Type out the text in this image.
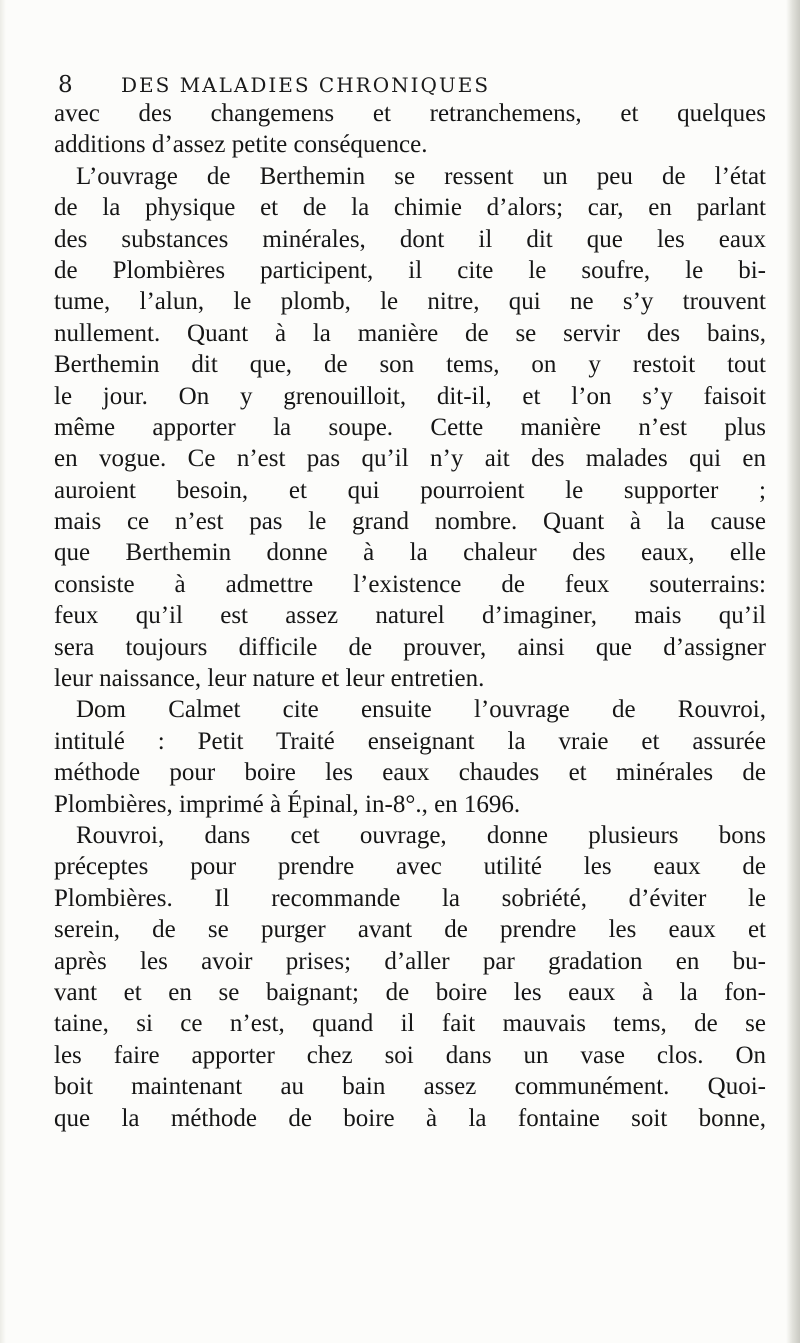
8 DES MALADIES CHRONIQUES
avec des changemens et retranchemens, et quelques
additions d’assez petite conséquence.
L’ouvrage de Berthemin se ressent un peu de l’état
de la physique et de la chimie d’alors; car, en parlant
des substances minérales, dont il dit que les eaux
de Plombières participent, il cite le soufre, le bi-
tume, l’alun, le plomb, le nitre, qui ne s’y trouvent
nullement. Quant à la manière de se servir des bains,
Berthemin dit que, de son tems, on y restoit tout
le jour. On y grenouilloit, dit-il, et l’on s’y faisoit
même apporter la soupe. Cette manière n’est plus
en vogue. Ce n’est pas qu’il n’y ait des malades qui en
auroient besoin, et qui pourroient le supporter ;
mais ce n’est pas le grand nombre. Quant à la cause
que Berthemin donne à la chaleur des eaux, elle
consiste à admettre l’existence de feux souterrains:
feux qu’il est assez naturel d’imaginer, mais qu’il
sera toujours difficile de prouver, ainsi que d’assigner
leur naissance, leur nature et leur entretien.
Dom Calmet cite ensuite l’ouvrage de Rouvroi,
intitulé : Petit Traité enseignant la vraie et assurée
méthode pour boire les eaux chaudes et minérales de
Plombières, imprimé à Épinal, in-8°., en 1696.
Rouvroi, dans cet ouvrage, donne plusieurs bons
préceptes pour prendre avec utilité les eaux de
Plombières. Il recommande la sobriété, d’éviter le
serein, de se purger avant de prendre les eaux et
après les avoir prises; d’aller par gradation en bu-
vant et en se baignant; de boire les eaux à la fon-
taine, si ce n’est, quand il fait mauvais tems, de se
les faire apporter chez soi dans un vase clos. On
boit maintenant au bain assez communément. Quoi-
que la méthode de boire à la fontaine soit bonne,
